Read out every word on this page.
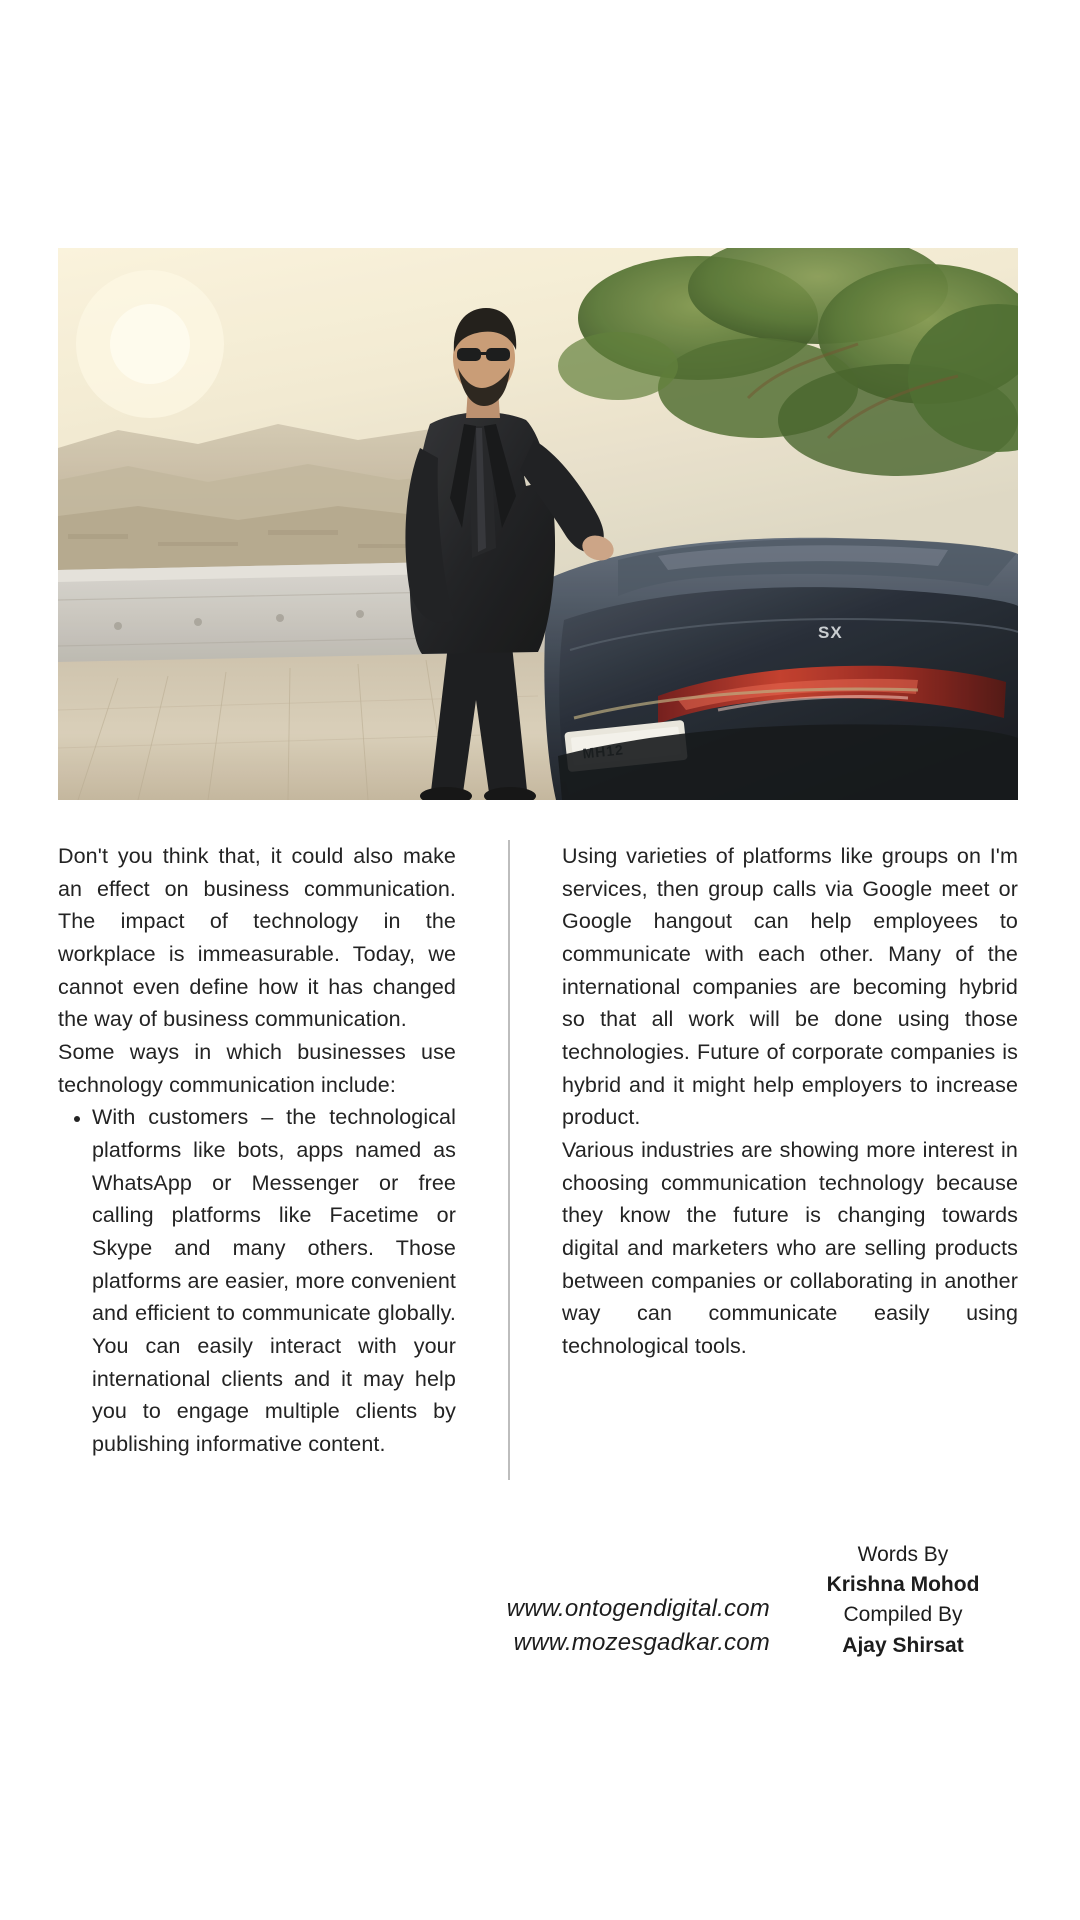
SX

Don't you think that, it could also make an effect on business communication. The impact of technology in the workplace is immeasurable. Today, we cannot even define how it has changed the way of business communication.

Some ways in which businesses use technology communication include:

• With customers – the technological platforms like bots, apps named as WhatsApp or Messenger or free calling platforms like Facetime or Skype and many others. Those platforms are easier, more convenient and efficient to communicate globally. You can easily interact with your international clients and it may help you to engage multiple clients by publishing informative content.

Using varieties of platforms like groups on I'm services, then group calls via Google meet or Google hangout can help employees to communicate with each other. Many of the international companies are becoming hybrid so that all work will be done using those technologies. Future of corporate companies is hybrid and it might help employers to increase product.

Various industries are showing more interest in choosing communication technology because they know the future is changing towards digital and marketers who are selling products between companies or collaborating in another way can communicate easily using technological tools.

www.ontogendigital.com
www.mozesgadkar.com
Words By
Krishna Mohod
Compiled By
Ajay Shirsat
